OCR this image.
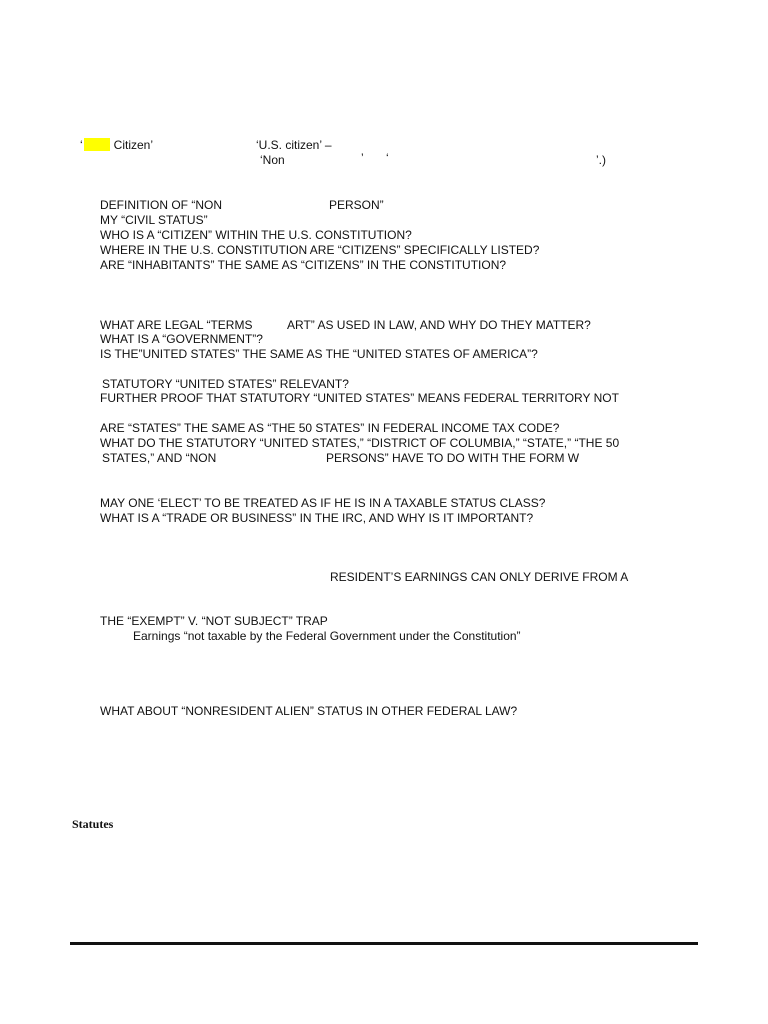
‘	Citizen’	‘U.S. citizen’ –
‘Non	’ ‘	’.)
DEFINITION OF “NON	PERSON”
MY “CIVIL STATUS”
WHO IS A “CITIZEN” WITHIN THE U.S. CONSTITUTION?
WHERE IN THE U.S. CONSTITUTION ARE “CITIZENS” SPECIFICALLY LISTED?
ARE “INHABITANTS” THE SAME AS “CITIZENS” IN THE CONSTITUTION?
WHAT ARE LEGAL “TERMS	ART” AS USED IN LAW, AND WHY DO THEY MATTER?
WHAT IS A “GOVERNMENT”?
IS THE”UNITED STATES” THE SAME AS THE “UNITED STATES OF AMERICA”?
STATUTORY “UNITED STATES” RELEVANT?
FURTHER PROOF THAT STATUTORY “UNITED STATES” MEANS FEDERAL TERRITORY NOT
ARE “STATES” THE SAME AS “THE 50 STATES” IN FEDERAL INCOME TAX CODE?
WHAT DO THE STATUTORY “UNITED STATES,” “DISTRICT OF COLUMBIA,” “STATE,” “THE 50
STATES,” AND “NON	PERSONS” HAVE TO DO WITH THE FORM W
MAY ONE ‘ELECT’ TO BE TREATED AS IF HE IS IN A TAXABLE STATUS CLASS?
WHAT IS A “TRADE OR BUSINESS” IN THE IRC, AND WHY IS IT IMPORTANT?
RESIDENT’S EARNINGS CAN ONLY DERIVE FROM A
THE “EXEMPT” V. “NOT SUBJECT” TRAP
Earnings “not taxable by the Federal Government under the Constitution”
WHAT ABOUT “NONRESIDENT ALIEN” STATUS IN OTHER FEDERAL LAW?
Statutes
